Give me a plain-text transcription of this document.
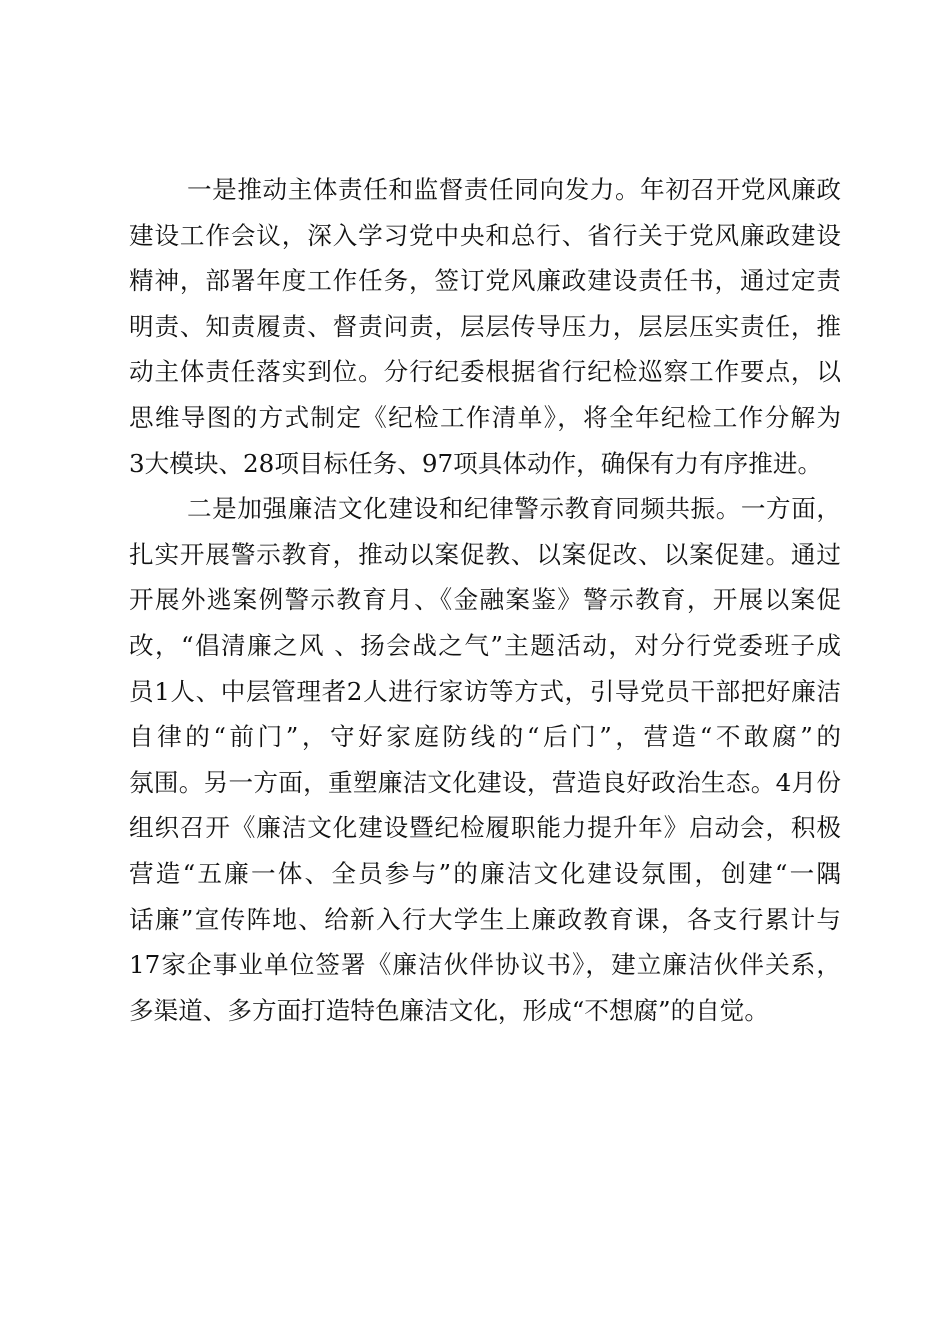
一是推动主体责任和监督责任同向发力。年初召开党风廉政
建设工作会议，深入学习党中央和总行、省行关于党风廉政建设
精神，部署年度工作任务，签订党风廉政建设责任书，通过定责
明责、知责履责、督责问责，层层传导压力，层层压实责任，推
动主体责任落实到位。分行纪委根据省行纪检巡察工作要点，以
思维导图的方式制定《纪检工作清单》，将全年纪检工作分解为
3大模块、28项目标任务、97项具体动作，确保有力有序推进。
二是加强廉洁文化建设和纪律警示教育同频共振。一方面，
扎实开展警示教育，推动以案促教、以案促改、以案促建。通过
开展外逃案例警示教育月、《金融案鉴》警示教育，开展以案促
改，“倡清廉之风 、扬会战之气”主题活动，对分行党委班子成
员1人、中层管理者2人进行家访等方式，引导党员干部把好廉洁
自律的“前门”，守好家庭防线的“后门”，营造“不敢腐”的
氛围。另一方面，重塑廉洁文化建设，营造良好政治生态。4月份
组织召开《廉洁文化建设暨纪检履职能力提升年》启动会，积极
营造“五廉一体、全员参与”的廉洁文化建设氛围，创建“一隅
话廉”宣传阵地、给新入行大学生上廉政教育课，各支行累计与
17家企事业单位签署《廉洁伙伴协议书》，建立廉洁伙伴关系，
多渠道、多方面打造特色廉洁文化，形成“不想腐”的自觉。
